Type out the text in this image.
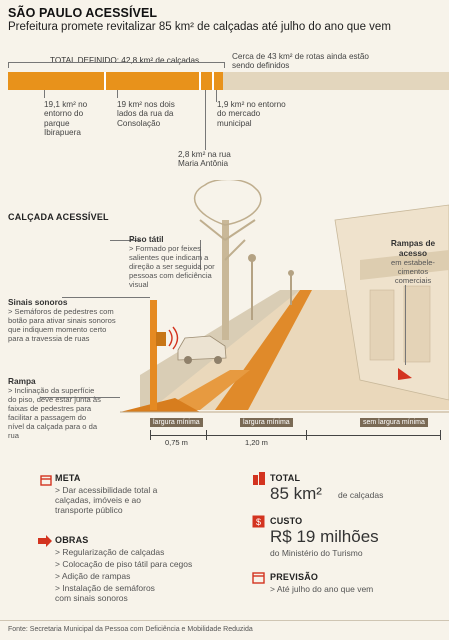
SÃO PAULO ACESSÍVEL
Prefeitura promete revitalizar 85 km² de calçadas até julho do ano que vem
TOTAL DEFINIDO: 42,8 km² de calçadas	Cerca de 43 km² de rotas ainda estão sendo definidos
19,1 km² no entorno do parque Ibirapuera
19 km² nos dois lados da rua da Consolação
2,8 km² na rua Maria Antônia
1,9 km² no entorno do mercado municipal
CALÇADA ACESSÍVEL
Piso tátil
> Formado por feixes salientes que indicam a direção a ser seguida por pessoas com deficiência visual
Rampas de acesso
em estabele- cimentos comerciais
Sinais sonoros
> Semáforos de pedestres com botão para ativar sinais sonoros que indiquem momento certo para a travessia de ruas
Rampa
> Inclinação da superfície do piso, deve estar junta às faixas de pedestres para facilitar a passagem do nível da calçada para o da rua
largura mínima	largura mínima	sem largura mínima
0,75 m	1,20 m
META
> Dar acessibilidade total a calçadas, imóveis e ao transporte público
OBRAS
> Regularização de calçadas
> Colocação de piso tátil para cegos
> Adição de rampas
> Instalação de semáforos com sinais sonoros
TOTAL
85 km² de calçadas
$ CUSTO
R$ 19 milhões
do Ministério do Turismo
PREVISÃO
> Até julho do ano que vem
Fonte: Secretaria Municipal da Pessoa com Deficiência e Mobilidade Reduzida
